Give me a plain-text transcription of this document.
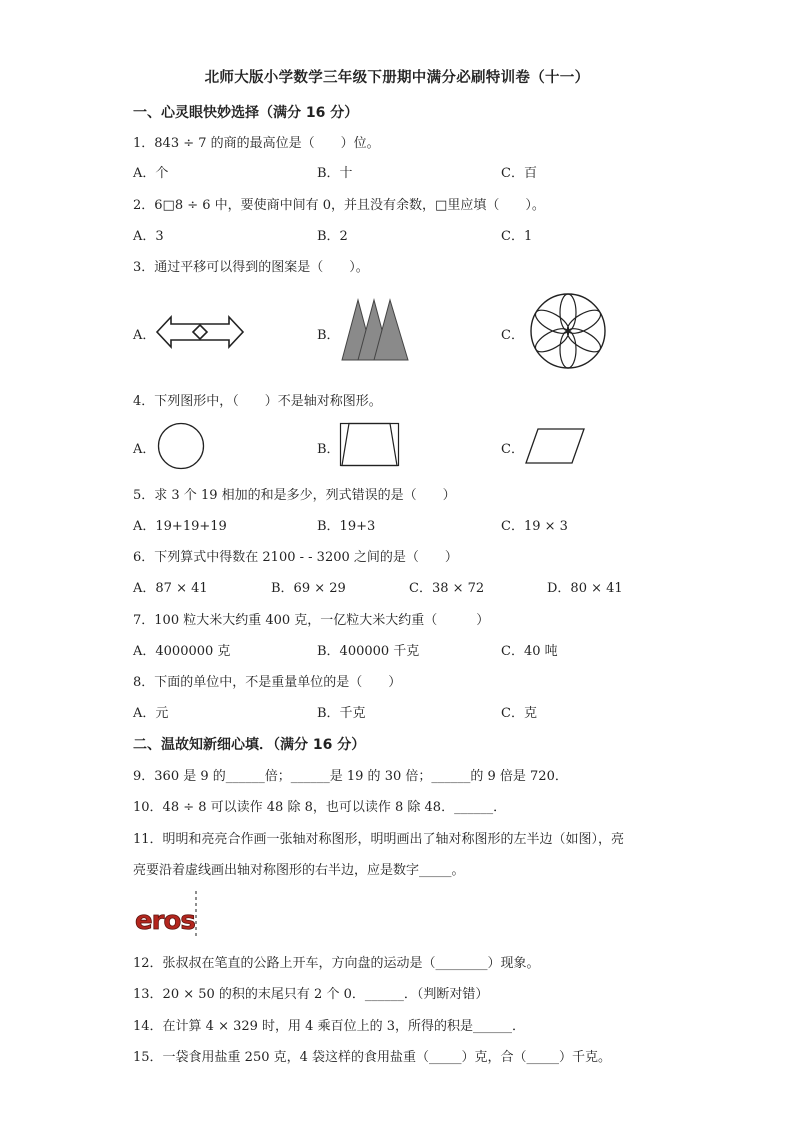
北师大版小学数学三年级下册期中满分必刷特训卷（十一）
一、心灵眼快妙选择（满分 16 分）
1．843 ÷ 7 的商的最高位是（　　）位。
A．个	B．十	C．百
2．6□8 ÷ 6 中，要使商中间有 0，并且没有余数，□里应填（　　）。
A．3	B．2	C．1
3．通过平移可以得到的图案是（　　）。
A．	B．	C．
4．下列图形中，（　　）不是轴对称图形。
A．	B．	C．
5．求 3 个 19 相加的和是多少，列式错误的是（　　）
A．19+19+19	B．19+3	C．19 × 3
6．下列算式中得数在 2100 - - 3200 之间的是（　　）
A．87 × 41	B．69 × 29	C．38 × 72	D．80 × 41
7．100 粒大米大约重 400 克，一亿粒大米大约重（　　　）
A．4000000 克	B．400000 千克	C．40 吨
8．下面的单位中，不是重量单位的是（　　）
A．元	B．千克	C．克
二、温故知新细心填．（满分 16 分）
9．360 是 9 的______倍；______是 19 的 30 倍；______的 9 倍是 720．
10．48 ÷ 8 可以读作 48 除 8，也可以读作 8 除 48．______．
11．明明和亮亮合作画一张轴对称图形，明明画出了轴对称图形的左半边（如图），亮
亮要沿着虚线画出轴对称图形的右半边，应是数字_____。
eros
12．张叔叔在笔直的公路上开车，方向盘的运动是（________）现象。
13．20 × 50 的积的末尾只有 2 个 0．______．（判断对错）
14．在计算 4 × 329 时，用 4 乘百位上的 3，所得的积是______．
15．一袋食用盐重 250 克，4 袋这样的食用盐重（_____）克，合（_____）千克。
